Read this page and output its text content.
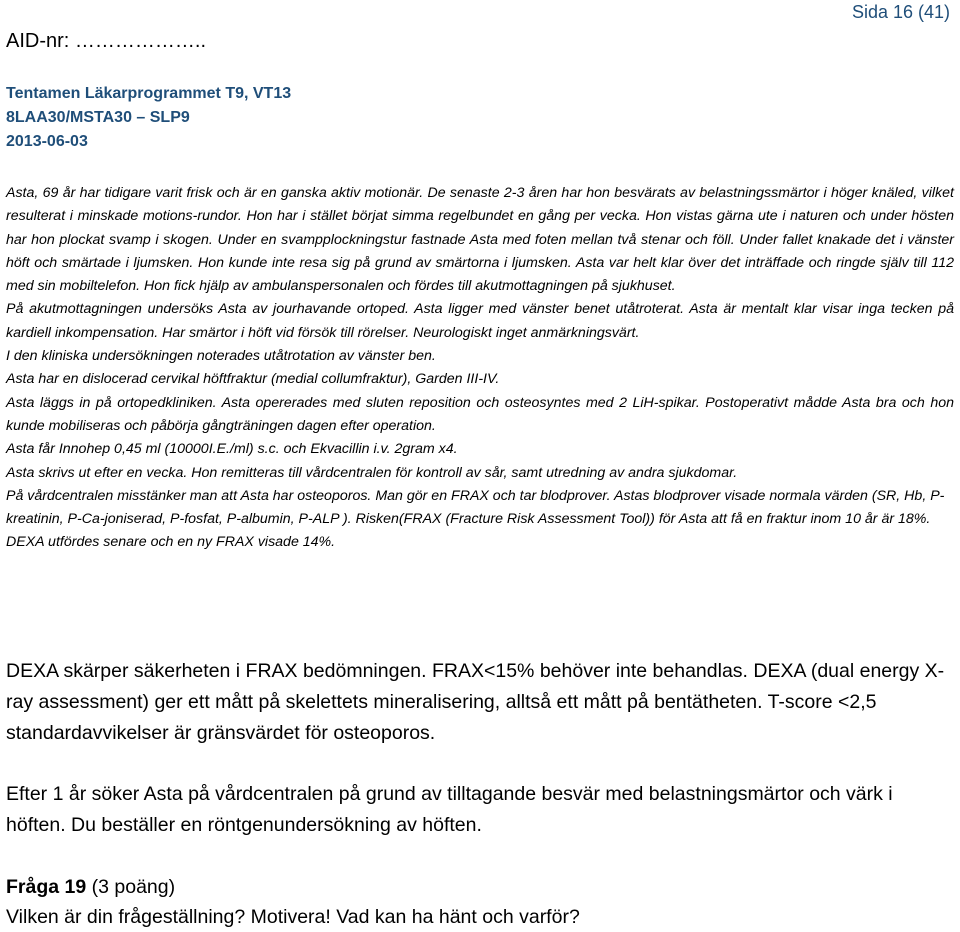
AID-nr: ………………..
Sida 16 (41)
Tentamen Läkarprogrammet T9, VT13
8LAA30/MSTA30 – SLP9
2013-06-03

Asta, 69 år har tidigare varit frisk och är en ganska aktiv motionär. De senaste 2-3 åren har hon besvärats av belastningssmärtor i höger knäled, vilket resulterat i minskade motions-rundor. Hon har i stället börjat simma regelbundet en gång per vecka. Hon vistas gärna ute i naturen och under hösten har hon plockat svamp i skogen. Under en svampplockningstur fastnade Asta med foten mellan två stenar och föll. Under fallet knakade det i vänster höft och smärtade i ljumsken. Hon kunde inte resa sig på grund av smärtorna i ljumsken. Asta var helt klar över det inträffade och ringde själv till 112 med sin mobiltelefon. Hon fick hjälp av ambulanspersonalen och fördes till akutmottagningen på sjukhuset.

På akutmottagningen undersöks Asta av jourhavande ortoped. Asta ligger med vänster benet utåtroterat. Asta är mentalt klar visar inga tecken på kardiell inkompensation. Har smärtor i höft vid försök till rörelser. Neurologiskt inget anmärkningsvärt.

I den kliniska undersökningen noterades utåtrotation av vänster ben.

Asta har en dislocerad cervikal höftfraktur (medial collumfraktur), Garden III-IV.

Asta läggs in på ortopedkliniken. Asta opererades med sluten reposition och osteosyntes med 2 LiH-spikar. Postoperativt mådde Asta bra och hon kunde mobiliseras och påbörja gångträningen dagen efter operation.

Asta får Innohep 0,45 ml (10000I.E./ml) s.c. och Ekvacillin i.v. 2gram x4.

Asta skrivs ut efter en vecka. Hon remitteras till vårdcentralen för kontroll av sår, samt utredning av andra sjukdomar.

På vårdcentralen misstänker man att Asta har osteoporos. Man gör en FRAX och tar blodprover. Astas blodprover visade normala värden (SR, Hb, P-kreatinin, P-Ca-joniserad, P-fosfat, P-albumin, P-ALP ). Risken(FRAX (Fracture Risk Assessment Tool)) för Asta att få en fraktur inom 10 år är 18%. DEXA utfördes senare och en ny FRAX visade 14%.

DEXA skärper säkerheten i FRAX bedömningen. FRAX<15% behöver inte behandlas. DEXA (dual energy X-ray assessment) ger ett mått på skelettets mineralisering, alltså ett mått på bentätheten. T-score <2,5 standardavvikelser är gränsvärdet för osteoporos.

Efter 1 år söker Asta på vårdcentralen på grund av tilltagande besvär med belastningsmärtor och värk i höften. Du beställer en röntgenundersökning av höften.
Fråga 19 (3 poäng)
Vilken är din frågeställning? Motivera! Vad kan ha hänt och varför?
